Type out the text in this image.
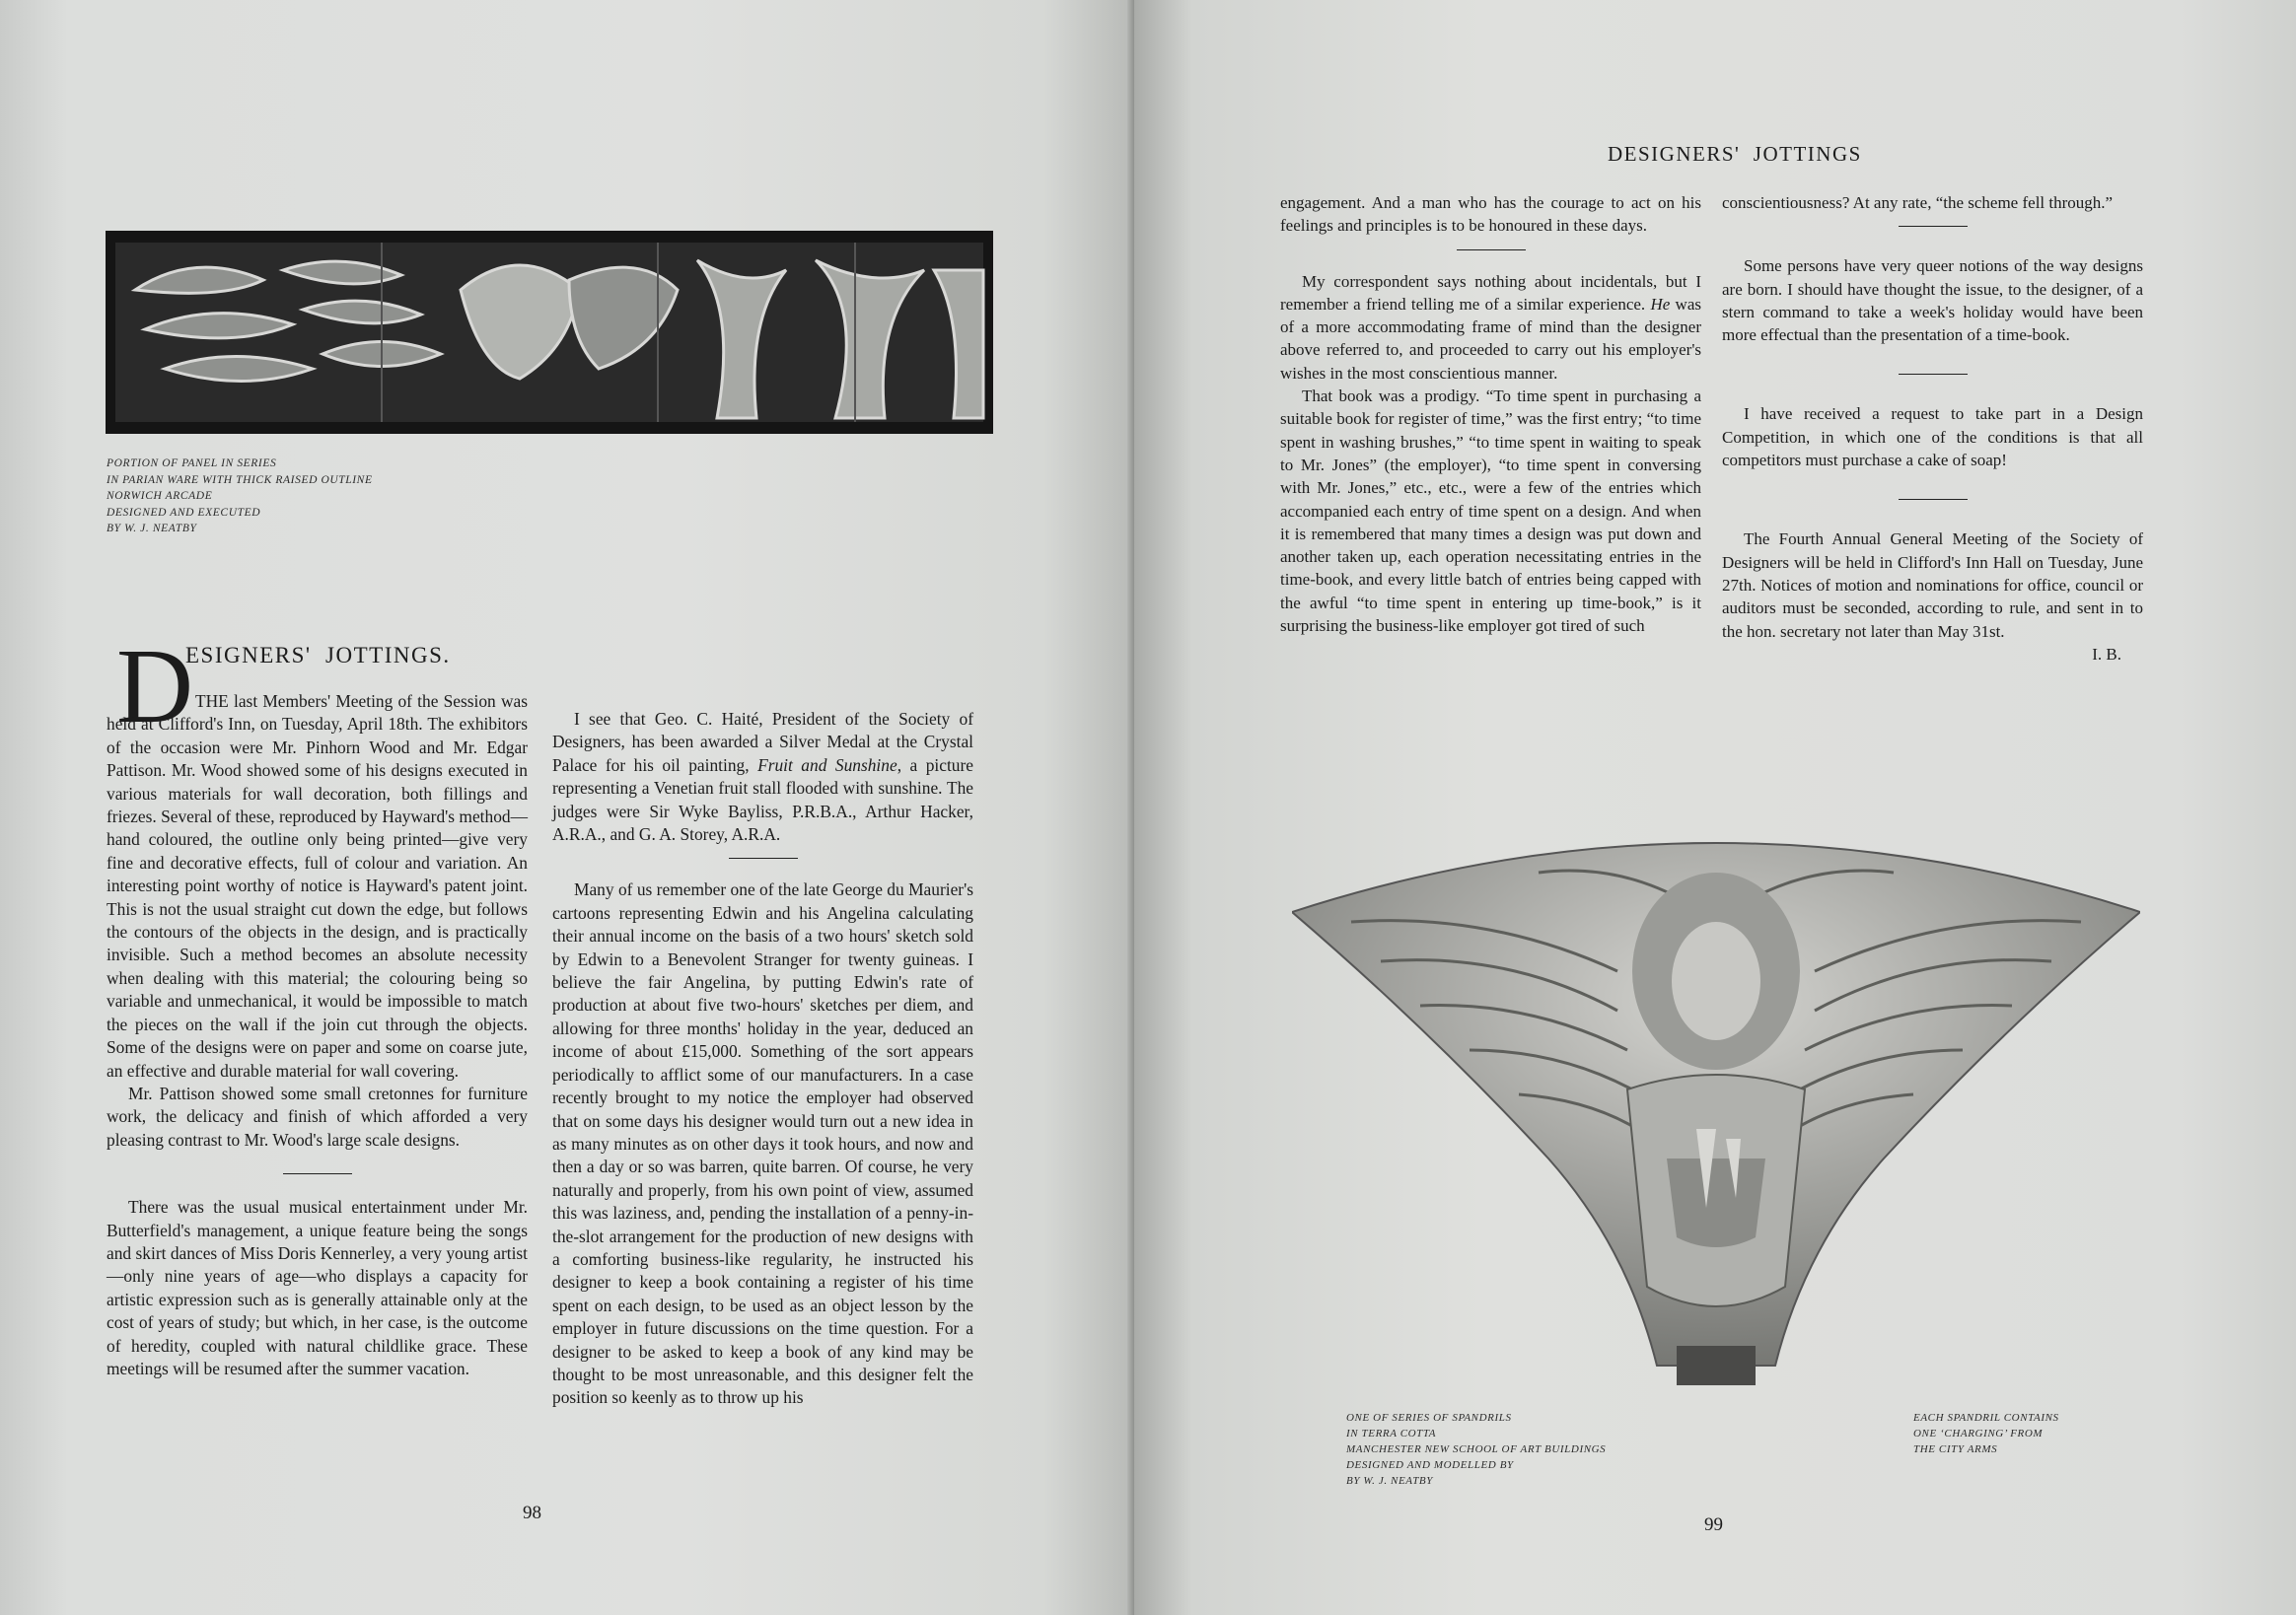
PORTION OF PANEL IN SERIES
IN PARIAN WARE WITH THICK RAISED OUTLINE
NORWICH ARCADE
DESIGNED AND EXECUTED
BY W. J. NEATBY
D
ESIGNERS'  JOTTINGS.

THE last Members' Meeting of the Session was held at Clifford's Inn, on Tuesday, April 18th. The exhibitors of the occasion were Mr. Pinhorn Wood and Mr. Edgar Pattison. Mr. Wood showed some of his designs executed in various materials for wall decoration, both fillings and friezes. Several of these, reproduced by Hayward's method—hand coloured, the outline only being printed—give very fine and decorative effects, full of colour and variation. An interesting point worthy of notice is Hayward's patent joint. This is not the usual straight cut down the edge, but follows the contours of the objects in the design, and is practically invisible. Such a method becomes an absolute necessity when dealing with this material; the colouring being so variable and unmechanical, it would be impossible to match the pieces on the wall if the join cut through the objects. Some of the designs were on paper and some on coarse jute, an effective and durable material for wall covering.

Mr. Pattison showed some small cretonnes for furniture work, the delicacy and finish of which afforded a very pleasing contrast to Mr. Wood's large scale designs.

There was the usual musical entertainment under Mr. Butterfield's management, a unique feature being the songs and skirt dances of Miss Doris Kennerley, a very young artist—only nine years of age—who displays a capacity for artistic expression such as is generally attainable only at the cost of years of study; but which, in her case, is the outcome of heredity, coupled with natural childlike grace. These meetings will be resumed after the summer vacation.

I see that Geo. C. Haité, President of the Society of Designers, has been awarded a Silver Medal at the Crystal Palace for his oil painting, Fruit and Sunshine, a picture representing a Venetian fruit stall flooded with sunshine. The judges were Sir Wyke Bayliss, P.R.B.A., Arthur Hacker, A.R.A., and G. A. Storey, A.R.A.

Many of us remember one of the late George du Maurier's cartoons representing Edwin and his Angelina calculating their annual income on the basis of a two hours' sketch sold by Edwin to a Benevolent Stranger for twenty guineas. I believe the fair Angelina, by putting Edwin's rate of production at about five two-hours' sketches per diem, and allowing for three months' holiday in the year, deduced an income of about £15,000. Something of the sort appears periodically to afflict some of our manufacturers. In a case recently brought to my notice the employer had observed that on some days his designer would turn out a new idea in as many minutes as on other days it took hours, and now and then a day or so was barren, quite barren. Of course, he very naturally and properly, from his own point of view, assumed this was laziness, and, pending the installation of a penny-in-the-slot arrangement for the production of new designs with a comforting business-like regularity, he instructed his designer to keep a book containing a register of his time spent on each design, to be used as an object lesson by the employer in future discussions on the time question. For a designer to be asked to keep a book of any kind may be thought to be most unreasonable, and this designer felt the position so keenly as to throw up his

98
DESIGNERS'  JOTTINGS

engagement. And a man who has the courage to act on his feelings and principles is to be honoured in these days.

My correspondent says nothing about incidentals, but I remember a friend telling me of a similar experience. He was of a more accommodating frame of mind than the designer above referred to, and proceeded to carry out his employer's wishes in the most conscientious manner.

That book was a prodigy. “To time spent in purchasing a suitable book for register of time,” was the first entry; “to time spent in washing brushes,” “to time spent in waiting to speak to Mr. Jones” (the employer), “to time spent in conversing with Mr. Jones,” etc., etc., were a few of the entries which accompanied each entry of time spent on a design. And when it is remembered that many times a design was put down and another taken up, each operation necessitating entries in the time-book, and every little batch of entries being capped with the awful “to time spent in entering up time-book,” is it surprising the business-like employer got tired of such

conscientiousness? At any rate, “the scheme fell through.”

Some persons have very queer notions of the way designs are born. I should have thought the issue, to the designer, of a stern command to take a week's holiday would have been more effectual than the presentation of a time-book.

I have received a request to take part in a Design Competition, in which one of the conditions is that all competitors must purchase a cake of soap!

The Fourth Annual General Meeting of the Society of Designers will be held in Clifford's Inn Hall on Tuesday, June 27th. Notices of motion and nominations for office, council or auditors must be seconded, according to rule, and sent in to the hon. secretary not later than May 31st.

I. B.
ONE OF SERIES OF SPANDRILS
IN TERRA COTTA
MANCHESTER NEW SCHOOL OF ART BUILDINGS
DESIGNED AND MODELLED BY
BY W. J. NEATBY
EACH SPANDRIL CONTAINS
ONE ‘CHARGING’ FROM
THE CITY ARMS
99
